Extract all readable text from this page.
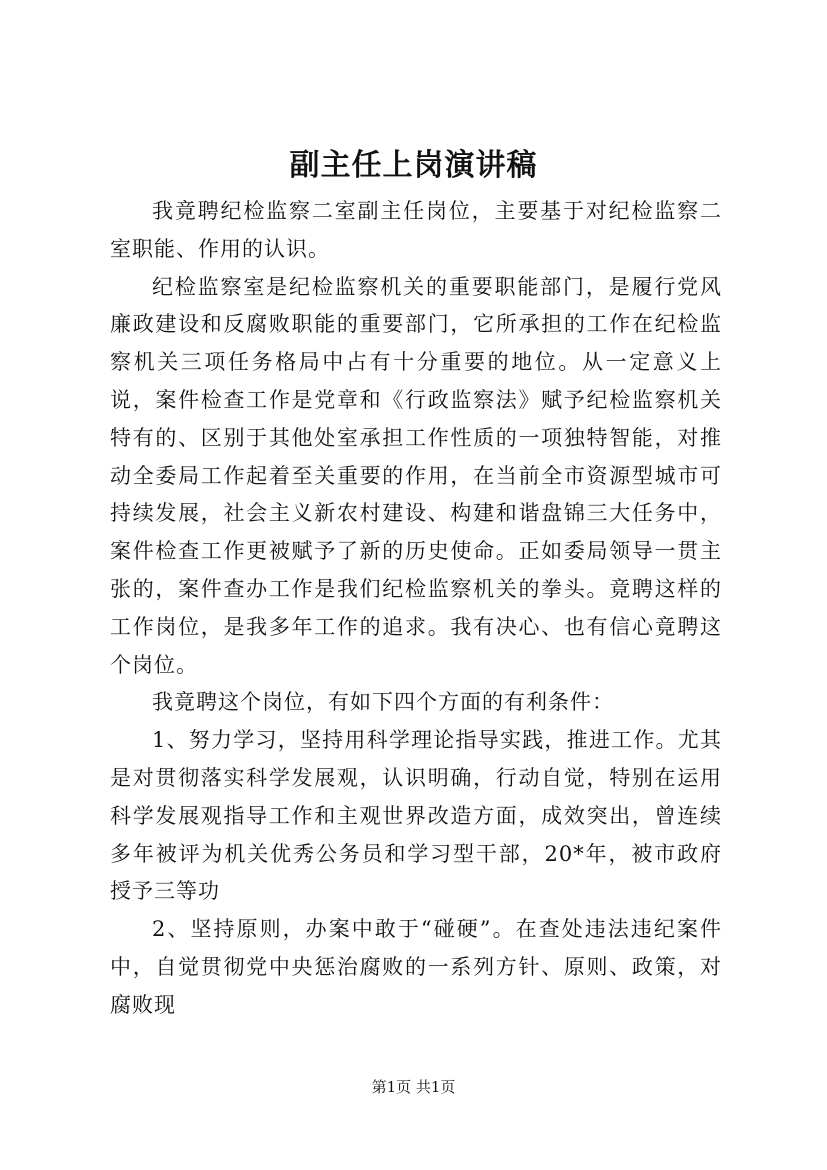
副主任上岗演讲稿

我竟聘纪检监察二室副主任岗位，主要基于对纪检监察二室职能、作用的认识。

纪检监察室是纪检监察机关的重要职能部门，是履行党风廉政建设和反腐败职能的重要部门，它所承担的工作在纪检监察机关三项任务格局中占有十分重要的地位。从一定意义上说，案件检查工作是党章和《行政监察法》赋予纪检监察机关特有的、区别于其他处室承担工作性质的一项独特智能，对推动全委局工作起着至关重要的作用，在当前全市资源型城市可持续发展，社会主义新农村建设、构建和谐盘锦三大任务中，案件检查工作更被赋予了新的历史使命。正如委局领导一贯主张的，案件查办工作是我们纪检监察机关的拳头。竟聘这样的工作岗位，是我多年工作的追求。我有决心、也有信心竟聘这个岗位。

我竟聘这个岗位，有如下四个方面的有利条件：

1、努力学习，坚持用科学理论指导实践，推进工作。尤其是对贯彻落实科学发展观，认识明确，行动自觉，特别在运用科学发展观指导工作和主观世界改造方面，成效突出，曾连续多年被评为机关优秀公务员和学习型干部，20*年，被市政府授予三等功

2、坚持原则，办案中敢于“碰硬”。在查处违法违纪案件中，自觉贯彻党中央惩治腐败的一系列方针、原则、政策，对腐败现

第1页 共1页
